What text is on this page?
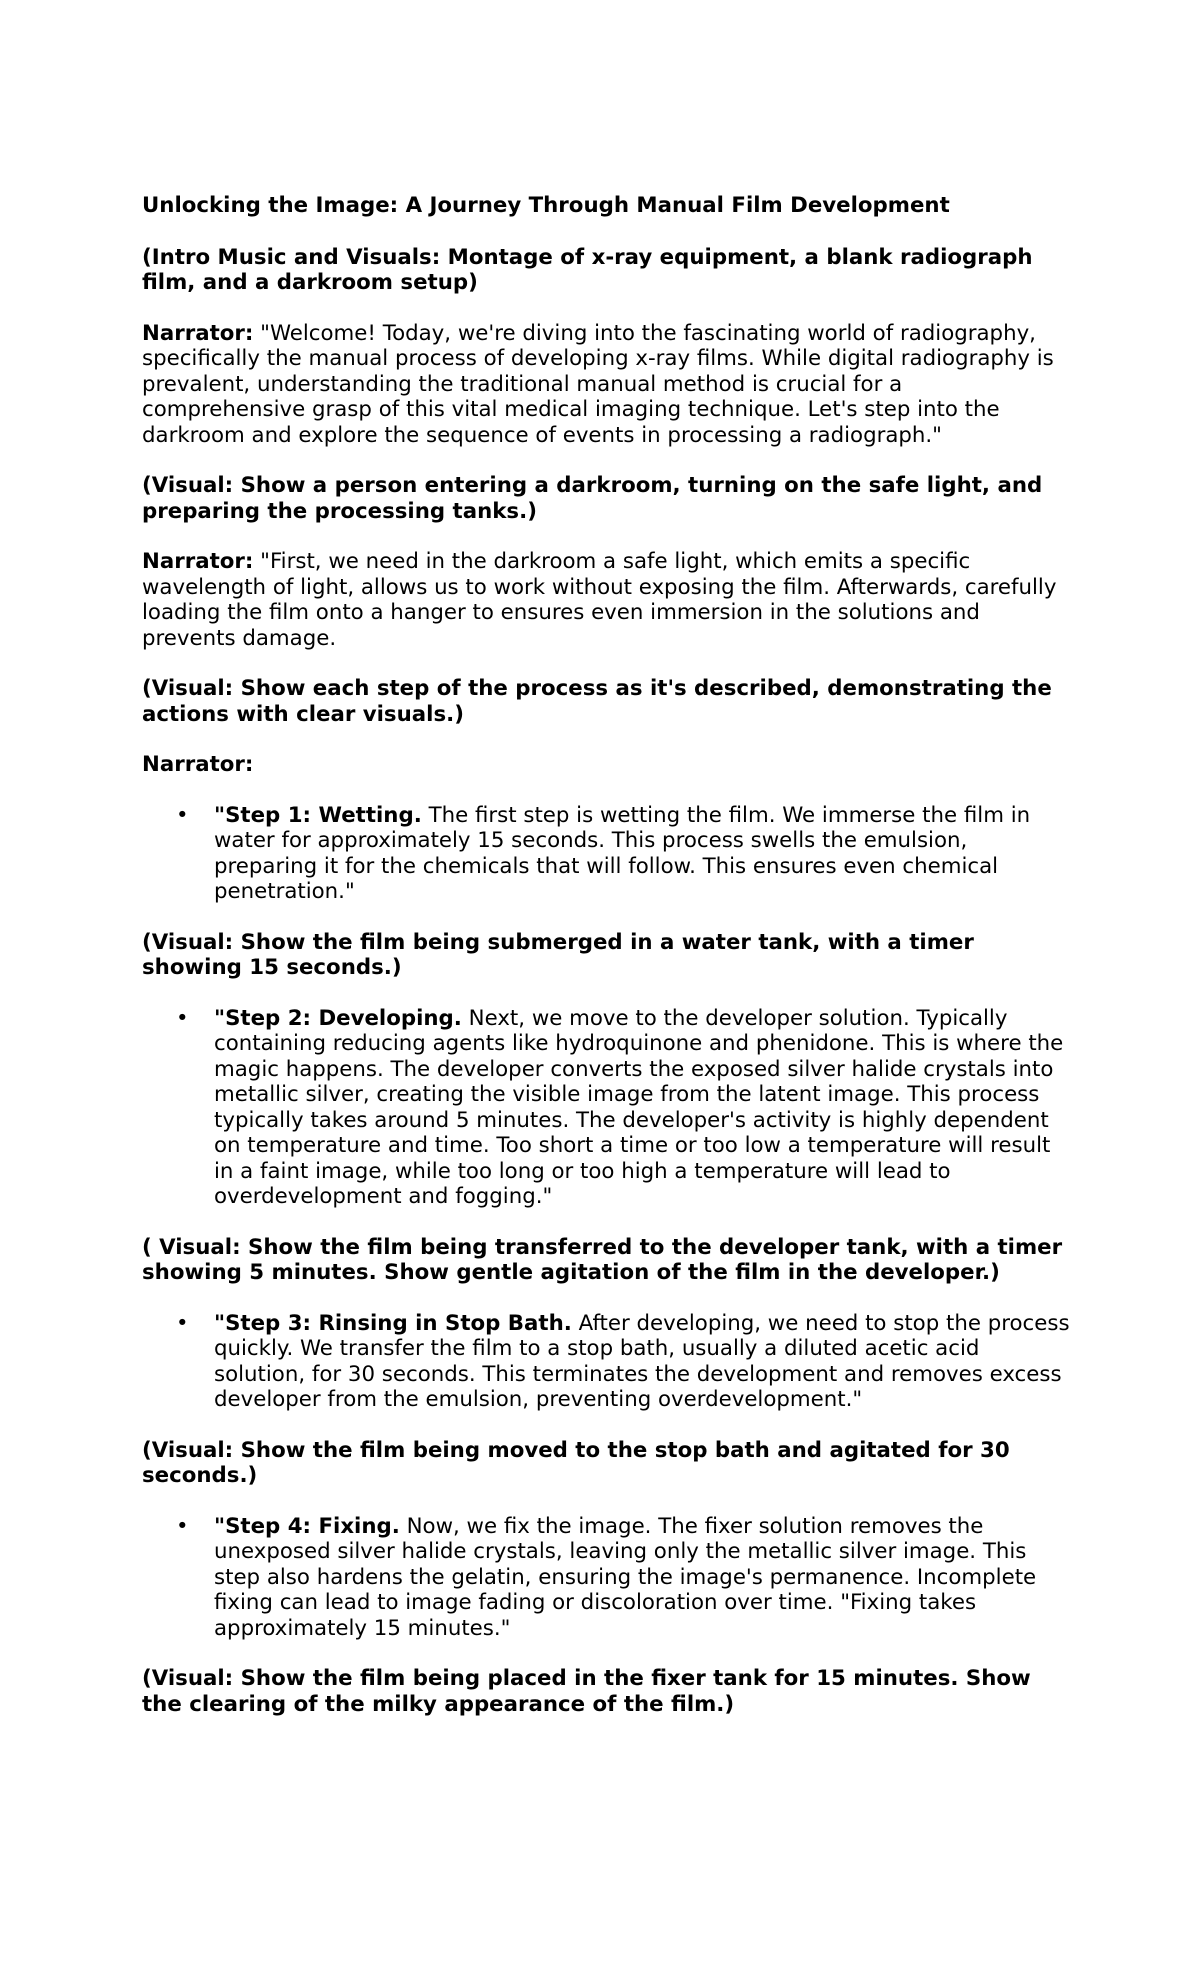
Unlocking the Image: A Journey Through Manual Film Development

(Intro Music and Visuals: Montage of x-ray equipment, a blank radiograph film, and a darkroom setup)

Narrator: "Welcome! Today, we're diving into the fascinating world of radiography, specifically the manual process of developing x-ray films. While digital radiography is prevalent, understanding the traditional manual method is crucial for a comprehensive grasp of this vital medical imaging technique. Let's step into the darkroom and explore the sequence of events in processing a radiograph."

(Visual: Show a person entering a darkroom, turning on the safe light, and preparing the processing tanks.)

Narrator: "First, we need in the darkroom a safe light, which emits a specific wavelength of light, allows us to work without exposing the film. Afterwards, carefully loading the film onto a hanger to ensures even immersion in the solutions and prevents damage.

(Visual: Show each step of the process as it's described, demonstrating the actions with clear visuals.)

Narrator:

• "Step 1: Wetting. The first step is wetting the film. We immerse the film in water for approximately 15 seconds. This process swells the emulsion, preparing it for the chemicals that will follow. This ensures even chemical penetration."

(Visual: Show the film being submerged in a water tank, with a timer showing 15 seconds.)

• "Step 2: Developing. Next, we move to the developer solution. Typically containing reducing agents like hydroquinone and phenidone. This is where the magic happens. The developer converts the exposed silver halide crystals into metallic silver, creating the visible image from the latent image. This process typically takes around 5 minutes. The developer's activity is highly dependent on temperature and time. Too short a time or too low a temperature will result in a faint image, while too long or too high a temperature will lead to overdevelopment and fogging."

( Visual: Show the film being transferred to the developer tank, with a timer showing 5 minutes. Show gentle agitation of the film in the developer.)

• "Step 3: Rinsing in Stop Bath. After developing, we need to stop the process quickly. We transfer the film to a stop bath, usually a diluted acetic acid solution, for 30 seconds. This terminates the development and removes excess developer from the emulsion, preventing overdevelopment."

(Visual: Show the film being moved to the stop bath and agitated for 30 seconds.)

• "Step 4: Fixing. Now, we fix the image. The fixer solution removes the unexposed silver halide crystals, leaving only the metallic silver image. This step also hardens the gelatin, ensuring the image's permanence. Incomplete fixing can lead to image fading or discoloration over time. "Fixing takes approximately 15 minutes."

(Visual: Show the film being placed in the fixer tank for 15 minutes. Show the clearing of the milky appearance of the film.)
